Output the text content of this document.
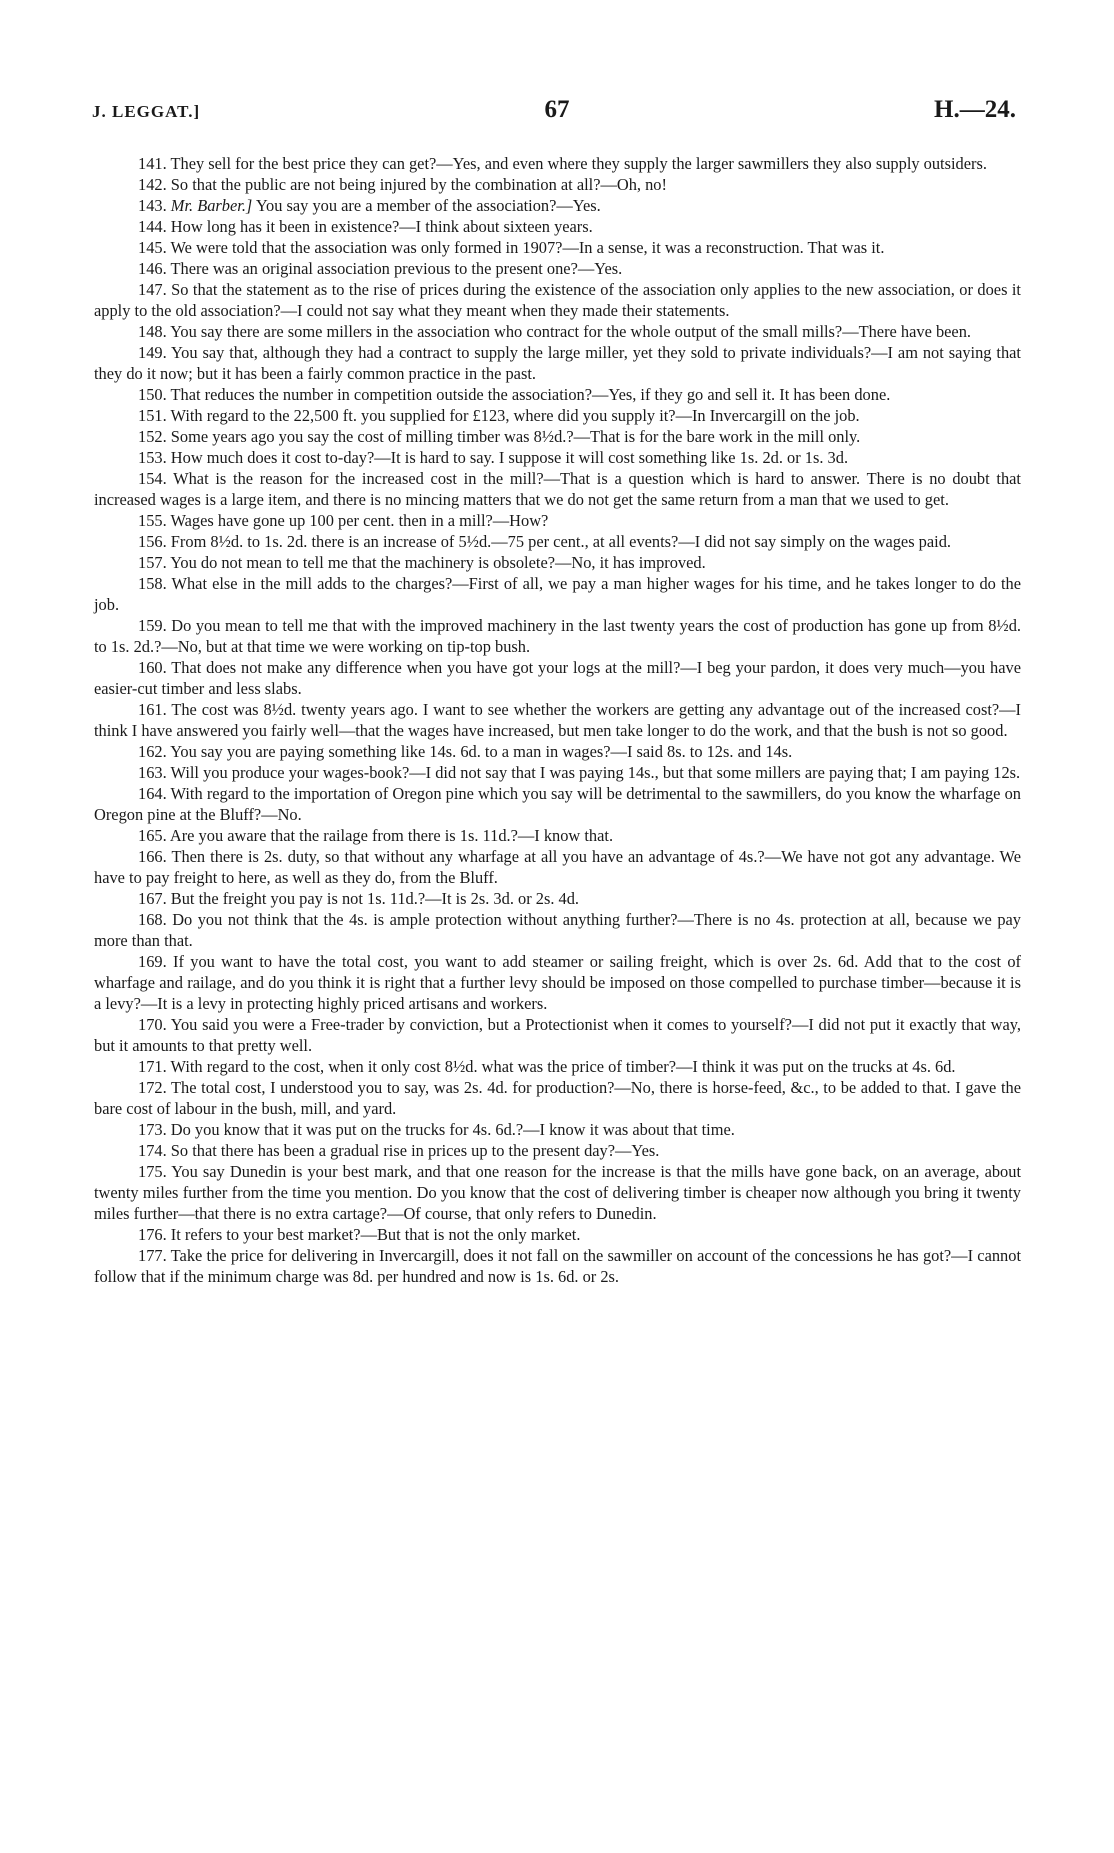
J. LEGGAT.]	67	H.—24.

141. They sell for the best price they can get?—Yes, and even where they supply the larger sawmillers they also supply outsiders.

142. So that the public are not being injured by the combination at all?—Oh, no!

143. Mr. Barber.] You say you are a member of the association?—Yes.

144. How long has it been in existence?—I think about sixteen years.

145. We were told that the association was only formed in 1907?—In a sense, it was a reconstruction. That was it.

146. There was an original association previous to the present one?—Yes.

147. So that the statement as to the rise of prices during the existence of the association only applies to the new association, or does it apply to the old association?—I could not say what they meant when they made their statements.

148. You say there are some millers in the association who contract for the whole output of the small mills?—There have been.

149. You say that, although they had a contract to supply the large miller, yet they sold to private individuals?—I am not saying that they do it now; but it has been a fairly common practice in the past.

150. That reduces the number in competition outside the association?—Yes, if they go and sell it. It has been done.

151. With regard to the 22,500 ft. you supplied for £123, where did you supply it?—In Invercargill on the job.

152. Some years ago you say the cost of milling timber was 8½d.?—That is for the bare work in the mill only.

153. How much does it cost to-day?—It is hard to say. I suppose it will cost something like 1s. 2d. or 1s. 3d.

154. What is the reason for the increased cost in the mill?—That is a question which is hard to answer. There is no doubt that increased wages is a large item, and there is no mincing matters that we do not get the same return from a man that we used to get.

155. Wages have gone up 100 per cent. then in a mill?—How?

156. From 8½d. to 1s. 2d. there is an increase of 5½d.—75 per cent., at all events?—I did not say simply on the wages paid.

157. You do not mean to tell me that the machinery is obsolete?—No, it has improved.

158. What else in the mill adds to the charges?—First of all, we pay a man higher wages for his time, and he takes longer to do the job.

159. Do you mean to tell me that with the improved machinery in the last twenty years the cost of production has gone up from 8½d. to 1s. 2d.?—No, but at that time we were working on tip-top bush.

160. That does not make any difference when you have got your logs at the mill?—I beg your pardon, it does very much—you have easier-cut timber and less slabs.

161. The cost was 8½d. twenty years ago. I want to see whether the workers are getting any advantage out of the increased cost?—I think I have answered you fairly well—that the wages have increased, but men take longer to do the work, and that the bush is not so good.

162. You say you are paying something like 14s. 6d. to a man in wages?—I said 8s. to 12s. and 14s.

163. Will you produce your wages-book?—I did not say that I was paying 14s., but that some millers are paying that; I am paying 12s.

164. With regard to the importation of Oregon pine which you say will be detrimental to the sawmillers, do you know the wharfage on Oregon pine at the Bluff?—No.

165. Are you aware that the railage from there is 1s. 11d.?—I know that.

166. Then there is 2s. duty, so that without any wharfage at all you have an advantage of 4s.?—We have not got any advantage. We have to pay freight to here, as well as they do, from the Bluff.

167. But the freight you pay is not 1s. 11d.?—It is 2s. 3d. or 2s. 4d.

168. Do you not think that the 4s. is ample protection without anything further?—There is no 4s. protection at all, because we pay more than that.

169. If you want to have the total cost, you want to add steamer or sailing freight, which is over 2s. 6d. Add that to the cost of wharfage and railage, and do you think it is right that a further levy should be imposed on those compelled to purchase timber—because it is a levy?—It is a levy in protecting highly priced artisans and workers.

170. You said you were a Free-trader by conviction, but a Protectionist when it comes to yourself?—I did not put it exactly that way, but it amounts to that pretty well.

171. With regard to the cost, when it only cost 8½d. what was the price of timber?—I think it was put on the trucks at 4s. 6d.

172. The total cost, I understood you to say, was 2s. 4d. for production?—No, there is horse-feed, &c., to be added to that. I gave the bare cost of labour in the bush, mill, and yard.

173. Do you know that it was put on the trucks for 4s. 6d.?—I know it was about that time.

174. So that there has been a gradual rise in prices up to the present day?—Yes.

175. You say Dunedin is your best mark, and that one reason for the increase is that the mills have gone back, on an average, about twenty miles further from the time you mention. Do you know that the cost of delivering timber is cheaper now although you bring it twenty miles further—that there is no extra cartage?—Of course, that only refers to Dunedin.

176. It refers to your best market?—But that is not the only market.

177. Take the price for delivering in Invercargill, does it not fall on the sawmiller on account of the concessions he has got?—I cannot follow that if the minimum charge was 8d. per hundred and now is 1s. 6d. or 2s.
